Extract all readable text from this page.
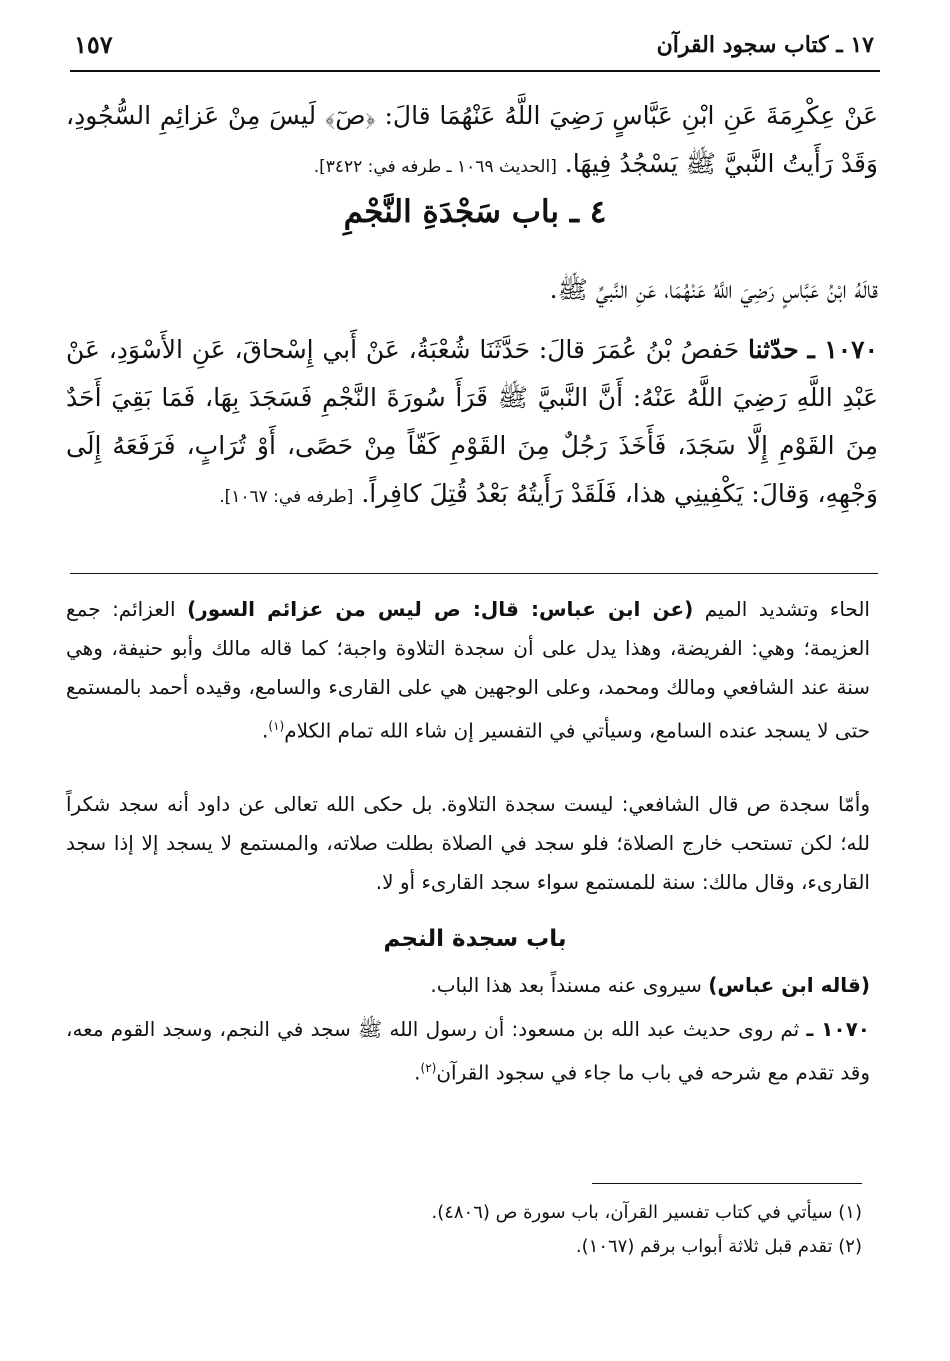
١٧ ـ كتاب سجود القرآن
١٥٧
عَنْ عِكْرِمَةَ عَنِ ابْنِ عَبَّاسٍ رَضِيَ اللَّهُ عَنْهُمَا قالَ: ﴿صٓ﴾ لَيسَ مِنْ عَزائِمِ السُّجُودِ، وَقَدْ رَأَيتُ النَّبيَّ ﷺ يَسْجُدُ فِيهَا. [الحديث ١٠٦٩ ـ طرفه في: ٣٤٢٢].
٤ ـ باب سَجْدَةِ النَّجْمِ
قالَهُ ابْنُ عَبَّاسٍ رَضِيَ اللَّهُ عَنْهُمَا، عَنِ النَّبيِّ ﷺ.
١٠٧٠ ـ حدّثنا حَفصُ بْنُ عُمَرَ قالَ: حَدَّثَنَا شُعْبَةُ، عَنْ أَبي إِسْحاقَ، عَنِ الأَسْوَدِ، عَنْ عَبْدِ اللَّهِ رَضِيَ اللَّهُ عَنْهُ: أَنَّ النَّبيَّ ﷺ قَرَأَ سُورَةَ النَّجْمِ فَسَجَدَ بِهَا، فَمَا بَقِيَ أَحَدٌ مِنَ القَوْمِ إِلَّا سَجَدَ، فَأَخَذَ رَجُلٌ مِنَ القَوْمِ كَفّاً مِنْ حَصًى، أَوْ تُرَابٍ، فَرَفَعَهُ إِلَى وَجْهِهِ، وَقالَ: يَكْفِينِي هذا، فَلَقَدْ رَأَيتُهُ بَعْدُ قُتِلَ كافِراً. [طرفه في: ١٠٦٧].
الحاء وتشديد الميم (عن ابن عباس: قال: ص ليس من عزائم السور) العزائم: جمع العزيمة؛ وهي: الفريضة، وهذا يدل على أن سجدة التلاوة واجبة؛ كما قاله مالك وأبو حنيفة، وهي سنة عند الشافعي ومالك ومحمد، وعلى الوجهين هي على القارىء والسامع، وقيده أحمد بالمستمع حتى لا يسجد عنده السامع، وسيأتي في التفسير إن شاء الله تمام الكلام$^{(١)}$.
وأمّا سجدة ص قال الشافعي: ليست سجدة التلاوة. بل حكى الله تعالى عن داود أنه سجد شكراً لله؛ لكن تستحب خارج الصلاة؛ فلو سجد في الصلاة بطلت صلاته، والمستمع لا يسجد إلا إذا سجد القارىء، وقال مالك: سنة للمستمع سواء سجد القارىء أو لا.
باب سجدة النجم
(قاله ابن عباس) سيروى عنه مسنداً بعد هذا الباب.
١٠٧٠ ـ ثم روى حديث عبد الله بن مسعود: أن رسول الله ﷺ سجد في النجم، وسجد القوم معه، وقد تقدم مع شرحه في باب ما جاء في سجود القرآن$^{(٢)}$.
(١) سيأتي في كتاب تفسير القرآن، باب سورة ص (٤٨٠٦).
(٢) تقدم قبل ثلاثة أبواب برقم (١٠٦٧).
